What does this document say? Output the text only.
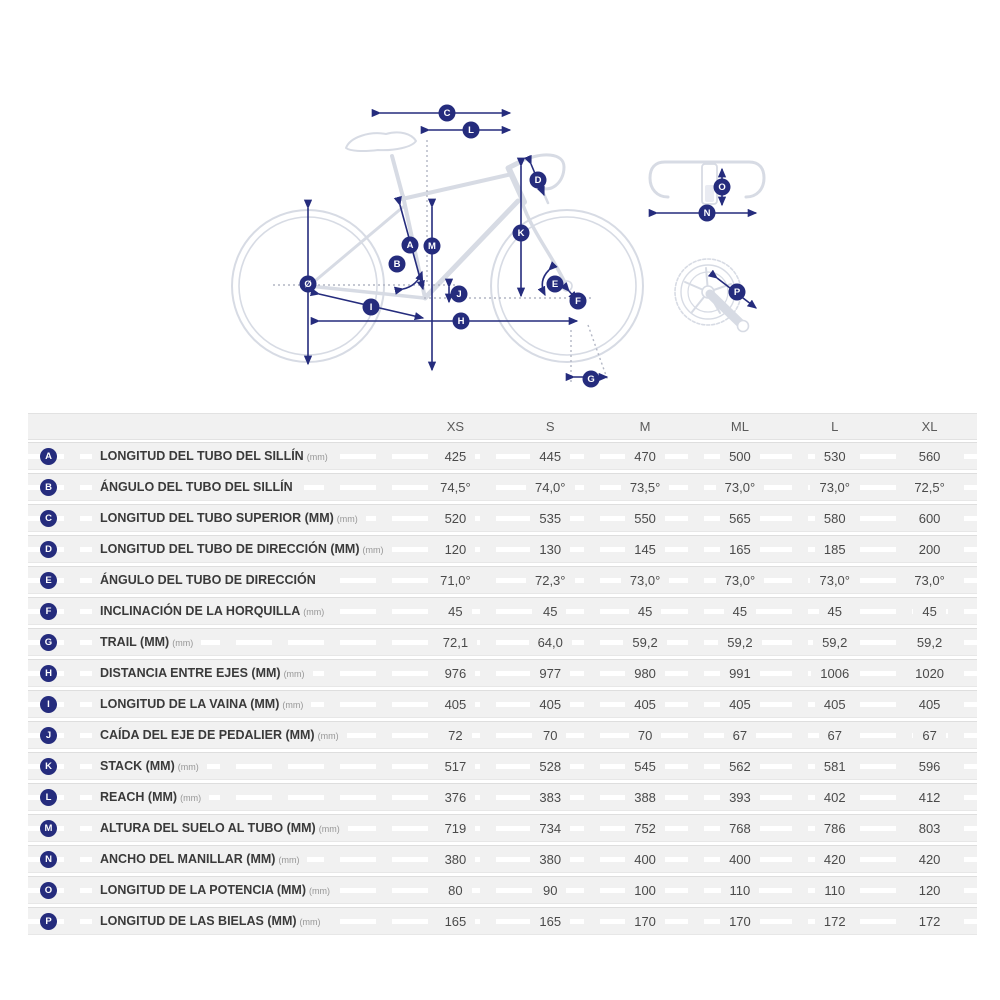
C
L
D
A
B
M
K
Ø
I
J
H
E
F
G
O
N
P
XS	S	M	ML	L	XL
A	LONGITUD DEL TUBO DEL SILLÍN (mm)	425	445	470	500	530	560
B	ÁNGULO DEL TUBO DEL SILLÍN	74,5°	74,0°	73,5°	73,0°	73,0°	72,5°
C	LONGITUD DEL TUBO SUPERIOR (MM) (mm)	520	535	550	565	580	600
D	LONGITUD DEL TUBO DE DIRECCIÓN (MM) (mm)	120	130	145	165	185	200
E	ÁNGULO DEL TUBO DE DIRECCIÓN	71,0°	72,3°	73,0°	73,0°	73,0°	73,0°
F	INCLINACIÓN DE LA HORQUILLA (mm)	45	45	45	45	45	45
G	TRAIL (MM) (mm)	72,1	64,0	59,2	59,2	59,2	59,2
H	DISTANCIA ENTRE EJES (MM) (mm)	976	977	980	991	1006	1020
I	LONGITUD DE LA VAINA (MM) (mm)	405	405	405	405	405	405
J	CAÍDA DEL EJE DE PEDALIER (MM) (mm)	72	70	70	67	67	67
K	STACK (MM) (mm)	517	528	545	562	581	596
L	REACH (MM) (mm)	376	383	388	393	402	412
M	ALTURA DEL SUELO AL TUBO (MM) (mm)	719	734	752	768	786	803
N	ANCHO DEL MANILLAR (MM) (mm)	380	380	400	400	420	420
O	LONGITUD DE LA POTENCIA (MM) (mm)	80	90	100	110	110	120
P	LONGITUD DE LAS BIELAS (MM) (mm)	165	165	170	170	172	172
